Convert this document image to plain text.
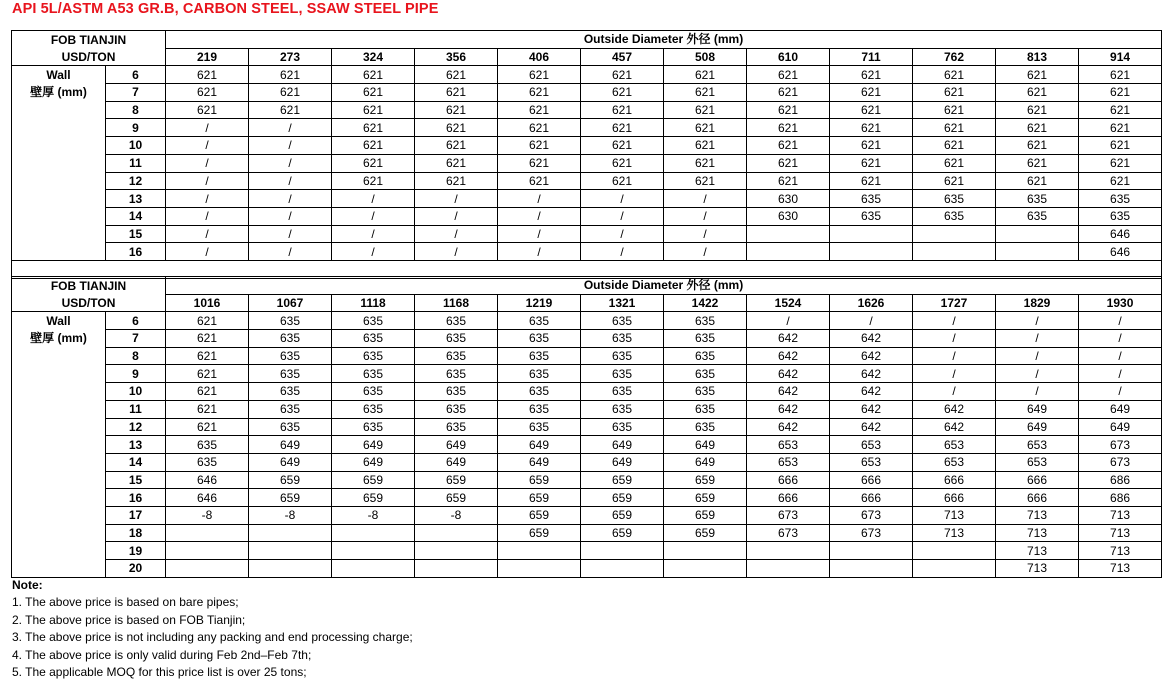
API 5L/ASTM A53 GR.B, CARBON STEEL, SSAW STEEL PIPE
FOB TIANJIN		Outside Diameter 外径 (mm)											
USD/TON		219	273	324	356	406	457	508	610	711	762	813	914
Wall	6	621	621	621	621	621	621	621	621	621	621	621	621
壁厚 (mm)	7	621	621	621	621	621	621	621	621	621	621	621	621
	8	621	621	621	621	621	621	621	621	621	621	621	621
	9	/	/	621	621	621	621	621	621	621	621	621	621
	10	/	/	621	621	621	621	621	621	621	621	621	621
	11	/	/	621	621	621	621	621	621	621	621	621	621
	12	/	/	621	621	621	621	621	621	621	621	621	621
	13	/	/	/	/	/	/	/	630	635	635	635	635
	14	/	/	/	/	/	/	/	630	635	635	635	635
	15	/	/	/	/	/	/	/					646
	16	/	/	/	/	/	/	/					646

FOB TIANJIN		Outside Diameter 外径 (mm)											
USD/TON		1016	1067	1118	1168	1219	1321	1422	1524	1626	1727	1829	1930
Wall	6	621	635	635	635	635	635	635	/	/	/	/	/
壁厚 (mm)	7	621	635	635	635	635	635	635	642	642	/	/	/
	8	621	635	635	635	635	635	635	642	642	/	/	/
	9	621	635	635	635	635	635	635	642	642	/	/	/
	10	621	635	635	635	635	635	635	642	642	/	/	/
	11	621	635	635	635	635	635	635	642	642	642	649	649
	12	621	635	635	635	635	635	635	642	642	642	649	649
	13	635	649	649	649	649	649	649	653	653	653	653	673
	14	635	649	649	649	649	649	649	653	653	653	653	673
	15	646	659	659	659	659	659	659	666	666	666	666	686
	16	646	659	659	659	659	659	659	666	666	666	666	686
	17	-8	-8	-8	-8	659	659	659	673	673	713	713	713
	18					659	659	659	673	673	713	713	713
	19											713	713
	20											713	713
Note:
1. The above price is based on bare pipes;
2. The above price is based on FOB Tianjin;
3. The above price is not including any packing and end processing charge;
4. The above price is only valid during Feb 2nd–Feb 7th;
5. The applicable MOQ for this price list is over 25 tons;
